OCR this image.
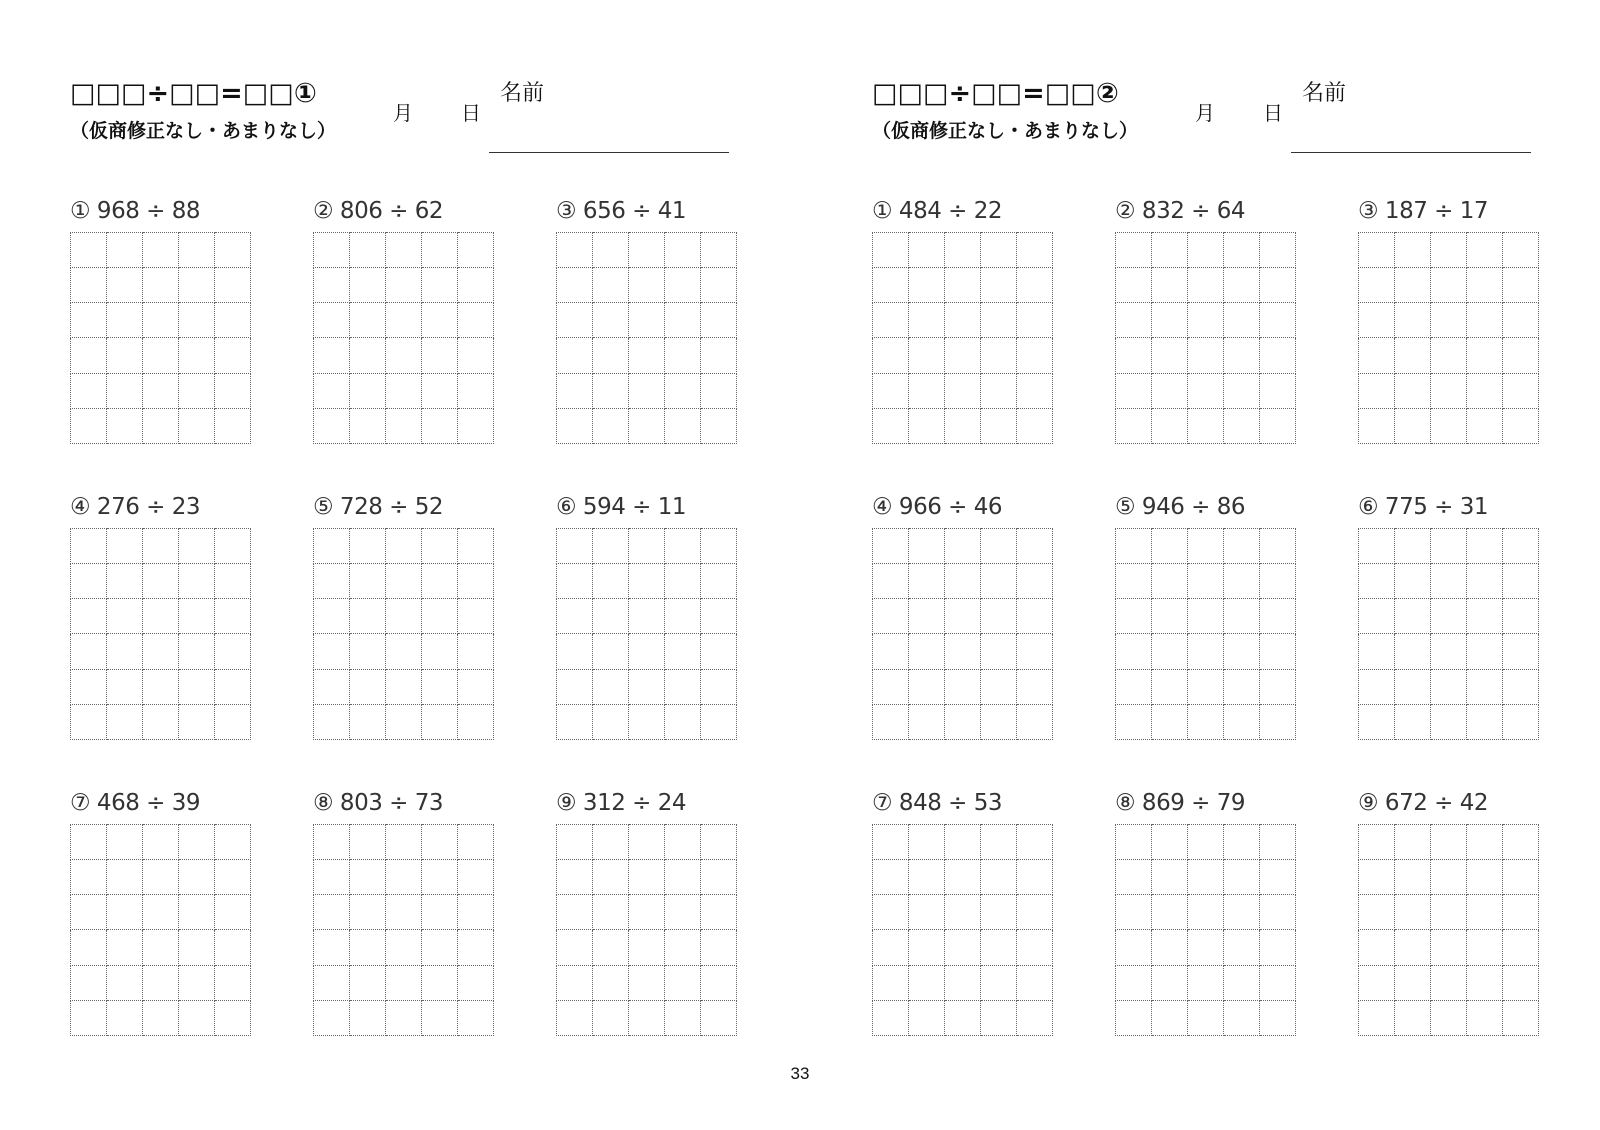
□□□÷□□=□□①
（仮商修正なし・あまりなし）
月 日
名前
① 968 ÷ 88

					② 806 ÷ 62

					③ 656 ÷ 41

④ 276 ÷ 23

					⑤ 728 ÷ 52

					⑥ 594 ÷ 11

⑦ 468 ÷ 39

					⑧ 803 ÷ 73

					⑨ 312 ÷ 24

□□□÷□□=□□②
（仮商修正なし・あまりなし）
月 日
名前
① 484 ÷ 22

					② 832 ÷ 64

					③ 187 ÷ 17

④ 966 ÷ 46

					⑤ 946 ÷ 86

					⑥ 775 ÷ 31

⑦ 848 ÷ 53

					⑧ 869 ÷ 79

					⑨ 672 ÷ 42

33
